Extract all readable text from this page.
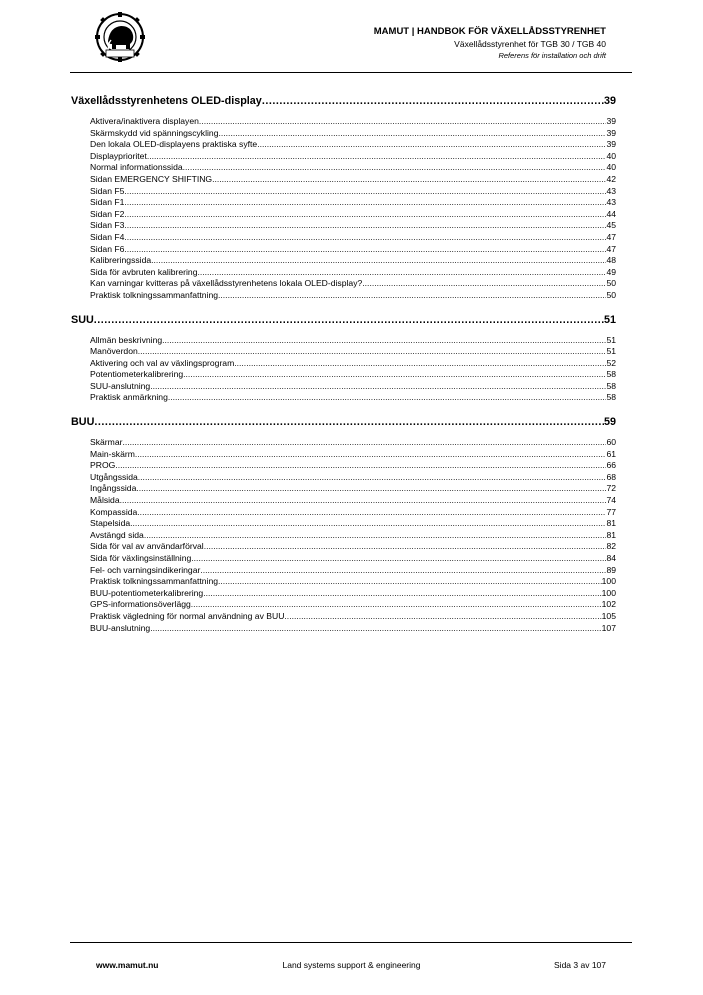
MAMUT | HANDBOK FÖR VÄXELLÅDSSTYRENHET
Växellådsstyrenhet för TGB 30 / TGB 40
Referens för installation och drift
Växellådsstyrenhetens OLED-display .....	39
Aktivera/inaktivera displayen .....	39
Skärmskydd vid spänningscykling .....	39
Den lokala OLED-displayens praktiska syfte .....	39
Displayprioritet .....	40
Normal informationssida .....	40
Sidan EMERGENCY SHIFTING .....	42
Sidan F5 .....	43
Sidan F1 .....	43
Sidan F2 .....	44
Sidan F3 .....	45
Sidan F4 .....	47
Sidan F6 .....	47
Kalibreringssida .....	48
Sida för avbruten kalibrering .....	49
Kan varningar kvitteras på växellådsstyrenhetens lokala OLED-display? .....	50
Praktisk tolkningssammanfattning .....	50
SUU .....	51
Allmän beskrivning .....	51
Manöverdon .....	51
Aktivering och val av växlingsprogram .....	52
Potentiometerkalibrering .....	58
SUU-anslutning .....	58
Praktisk anmärkning .....	58
BUU .....	59
Skärmar .....	60
Main-skärm .....	61
PROG .....	66
Utgångssida .....	68
Ingångssida .....	72
Målsida .....	74
Kompassida .....	77
Stapelsida .....	81
Avstängd sida .....	81
Sida för val av användarförval .....	82
Sida för växlingsinställning .....	84
Fel- och varningsindikeringar .....	89
Praktisk tolkningssammanfattning .....	100
BUU-potentiometerkalibrering .....	100
GPS-informationsöverlägg .....	102
Praktisk vägledning för normal användning av BUU .....	105
BUU-anslutning .....	107
www.mamut.nu	Land systems support & engineering	Sida 3 av 107
